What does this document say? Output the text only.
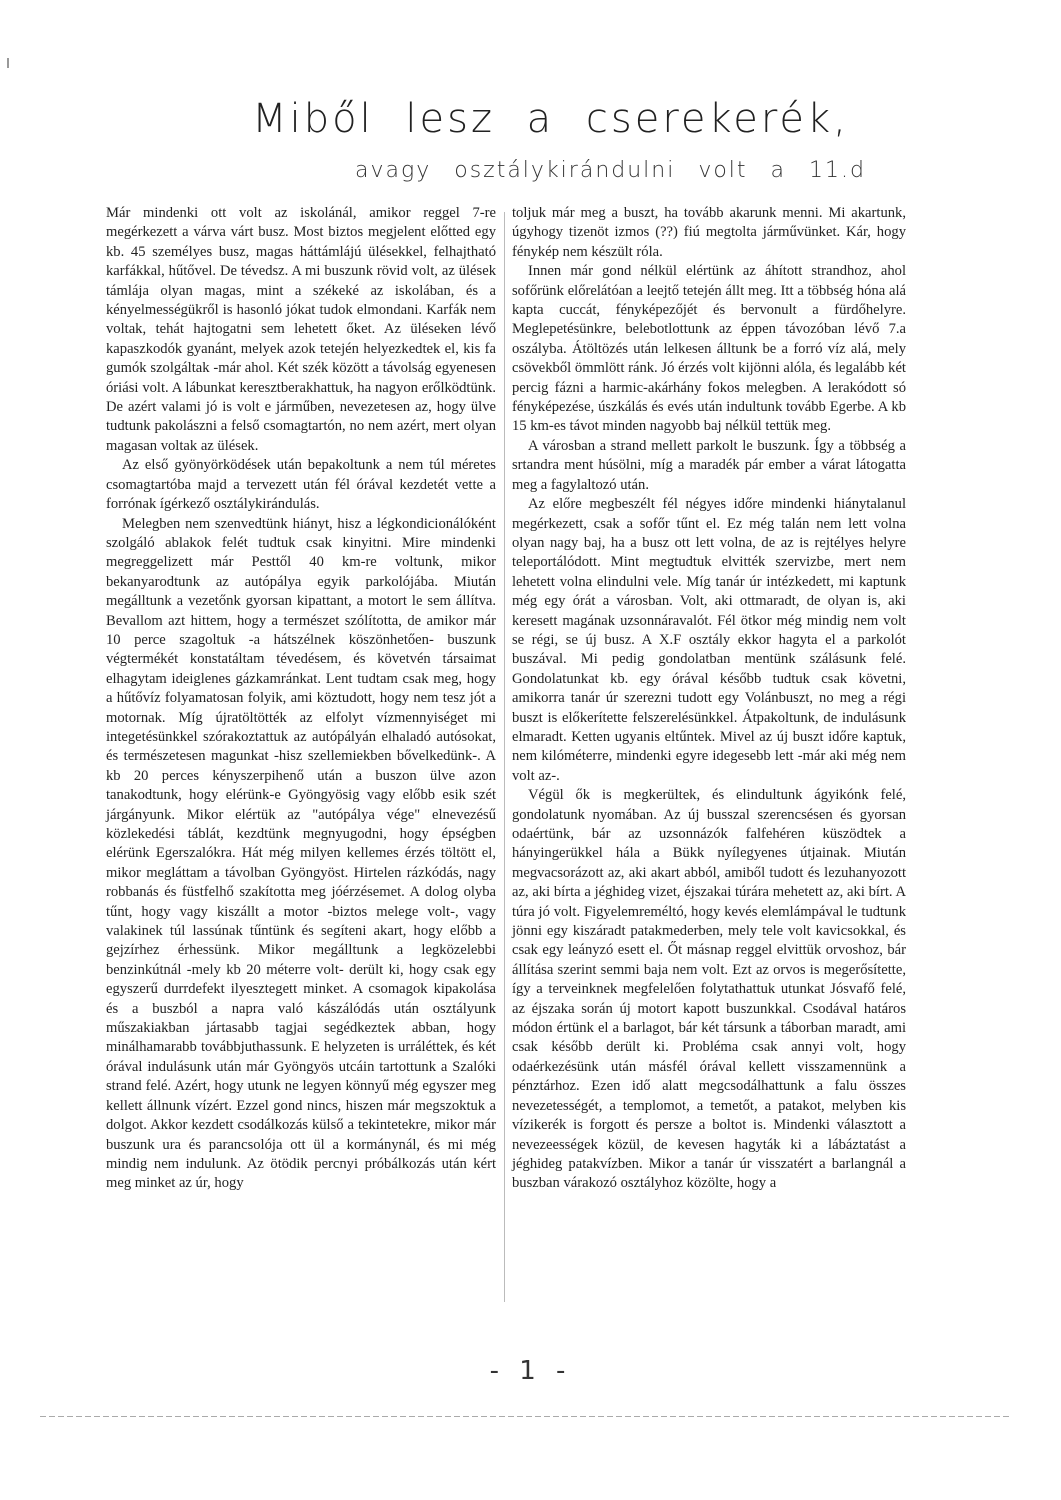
Miből lesz a cserekerék,
avagy osztálykirándulni volt a 11.d

Már mindenki ott volt az iskolánál, amikor reggel 7-re megérkezett a várva várt busz. Most biztos megjelent előtted egy kb. 45 személyes busz, magas háttámlájú ülésekkel, felhajtható karfákkal, hűtővel. De tévedsz. A mi buszunk rövid volt, az ülések támlája olyan magas, mint a székeké az iskolában, és a kényelmességükről is hasonló jókat tudok elmondani. Karfák nem voltak, tehát hajtogatni sem lehetett őket. Az üléseken lévő kapaszkodók gyanánt, melyek azok tetején helyezkedtek el, kis fa gumók szolgáltak -már ahol. Két szék között a távolság egyenesen óriási volt. A lábunkat keresztberakhattuk, ha nagyon erőlködtünk. De azért valami jó is volt e járműben, nevezetesen az, hogy ülve tudtunk pakolászni a felső csomagtartón, no nem azért, mert olyan magasan voltak az ülések.

Az első gyönyörködések után bepakoltunk a nem túl méretes csomagtartóba majd a tervezett után fél órával kezdetét vette a forrónak ígérkező osztálykirándulás.

Melegben nem szenvedtünk hiányt, hisz a légkondicionálóként szolgáló ablakok felét tudtuk csak kinyitni. Mire mindenki megreggelizett már Pesttől 40 km-re voltunk, mikor bekanyarodtunk az autópálya egyik parkolójába. Miután megálltunk a vezetőnk gyorsan kipattant, a motort le sem állítva. Bevallom azt hittem, hogy a természet szólította, de amikor már 10 perce szagoltuk -a hátszélnek köszönhetően- buszunk végtermékét konstatáltam tévedésem, és követvén társaimat elhagytam ideiglenes gázkamránkat. Lent tudtam csak meg, hogy a hűtővíz folyamatosan folyik, ami köztudott, hogy nem tesz jót a motornak. Míg újratöltötték az elfolyt vízmennyiséget mi integetésünkkel szórakoztattuk az autópályán elhaladó autósokat, és természetesen magunkat -hisz szellemiekben bővelkedünk-. A kb 20 perces kényszerpihenő után a buszon ülve azon tanakodtunk, hogy elérünk-e Gyöngyösig vagy előbb esik szét járgányunk. Mikor elértük az "autópálya vége" elnevezésű közlekedési táblát, kezdtünk megnyugodni, hogy épségben elérünk Egerszalókra. Hát még milyen kellemes érzés töltött el, mikor megláttam a távolban Gyöngyöst. Hirtelen rázkódás, nagy robbanás és füstfelhő szakította meg jóérzésemet. A dolog olyba tűnt, hogy vagy kiszállt a motor -biztos melege volt-, vagy valakinek túl lassúnak tűntünk és segíteni akart, hogy előbb a gejzírhez érhessünk. Mikor megálltunk a legközelebbi benzinkútnál -mely kb 20 méterre volt- derült ki, hogy csak egy egyszerű durrdefekt ilyesztegett minket. A csomagok kipakolása és a buszból a napra való kászálódás után osztályunk műszakiakban jártasabb tagjai segédkeztek abban, hogy minálhamarabb továbbjuthassunk. E helyzeten is urráléttek, és két órával indulásunk után már Gyöngyös utcáin tartottunk a Szalóki strand felé. Azért, hogy utunk ne legyen könnyű még egyszer meg kellett állnunk vízért. Ezzel gond nincs, hiszen már megszoktuk a dolgot. Akkor kezdett csodálkozás külső a tekintetekre, mikor már buszunk ura és parancsolója ott ül a kormánynál, és mi még mindig nem indulunk. Az ötödik percnyi próbálkozás után kért meg minket az úr, hogy

toljuk már meg a buszt, ha tovább akarunk menni. Mi akartunk, úgyhogy tizenöt izmos (??) fiú megtolta járművünket. Kár, hogy fénykép nem készült róla.

Innen már gond nélkül elértünk az áhított strandhoz, ahol sofőrünk előrelátóan a leejtő tetején állt meg. Itt a többség hóna alá kapta cuccát, fényképezőjét és bervonult a fürdőhelyre. Meglepetésünkre, belebotlottunk az éppen távozóban lévő 7.a oszályba. Átöltözés után lelkesen álltunk be a forró víz alá, mely csövekből ömmlött ránk. Jó érzés volt kijönni alóla, és legalább két percig fázni a harmic-akárhány fokos melegben. A lerakódott só fényképezése, úszkálás és evés után indultunk tovább Egerbe. A kb 15 km-es távot minden nagyobb baj nélkül tettük meg.

A városban a strand mellett parkolt le buszunk. Így a többség a srtandra ment húsölni, míg a maradék pár ember a várat látogatta meg a fagylaltozó után.

Az előre megbeszélt fél négyes időre mindenki hiánytalanul megérkezett, csak a sofőr tűnt el. Ez még talán nem lett volna olyan nagy baj, ha a busz ott lett volna, de az is rejtélyes helyre teleportálódott. Mint megtudtuk elvitték szervizbe, mert nem lehetett volna elindulni vele. Míg tanár úr intézkedett, mi kaptunk még egy órát a városban. Volt, aki ottmaradt, de olyan is, aki keresett magának uzsonnáravalót. Fél ötkor még mindig nem volt se régi, se új busz. A X.F osztály ekkor hagyta el a parkolót buszával. Mi pedig gondolatban mentünk szálásunk felé. Gondolatunkat kb. egy órával később tudtuk csak követni, amikorra tanár úr szerezni tudott egy Volánbuszt, no meg a régi buszt is előkerítette felszerelésünkkel. Átpakoltunk, de indulásunk elmaradt. Ketten ugyanis eltűntek. Mivel az új buszt időre kaptuk, nem kilóméterre, mindenki egyre idegesebb lett -már aki még nem volt az-.

Végül ők is megkerültek, és elindultunk ágyikónk felé, gondolatunk nyomában. Az új busszal szerencsésen és gyorsan odaértünk, bár az uzsonnázók falfehéren küszödtek a hányingerükkel hála a Bükk nyílegyenes útjainak. Miután megvacsorázott az, aki akart abból, amiből tudott és lezuhanyozott az, aki bírta a jéghideg vizet, éjszakai túrára mehetett az, aki bírt. A túra jó volt. Figyelemreméltó, hogy kevés elemlámpával le tudtunk jönni egy kiszáradt patakmederben, mely tele volt kavicsokkal, és csak egy leányzó esett el. Őt másnap reggel elvittük orvoshoz, bár állítása szerint semmi baja nem volt. Ezt az orvos is megerősítette, így a terveinknek megfelelően folytathattuk utunkat Jósvafő felé, az éjszaka során új motort kapott buszunkkal. Csodával határos módon értünk el a barlagot, bár két társunk a táborban maradt, ami csak később derült ki. Probléma csak annyi volt, hogy odaérkezésünk után másfél órával kellett visszamennünk a pénztárhoz. Ezen idő alatt megcsodálhattunk a falu összes nevezetességét, a templomot, a temetőt, a patakot, melyben kis vízikerék is forgott és persze a boltot is. Mindenki választott a nevezeességek közül, de kevesen hagyták ki a lábáztatást a jéghideg patakvízben. Mikor a tanár úr visszatért a barlangnál a buszban várakozó osztályhoz közölte, hogy a

- 1 -
